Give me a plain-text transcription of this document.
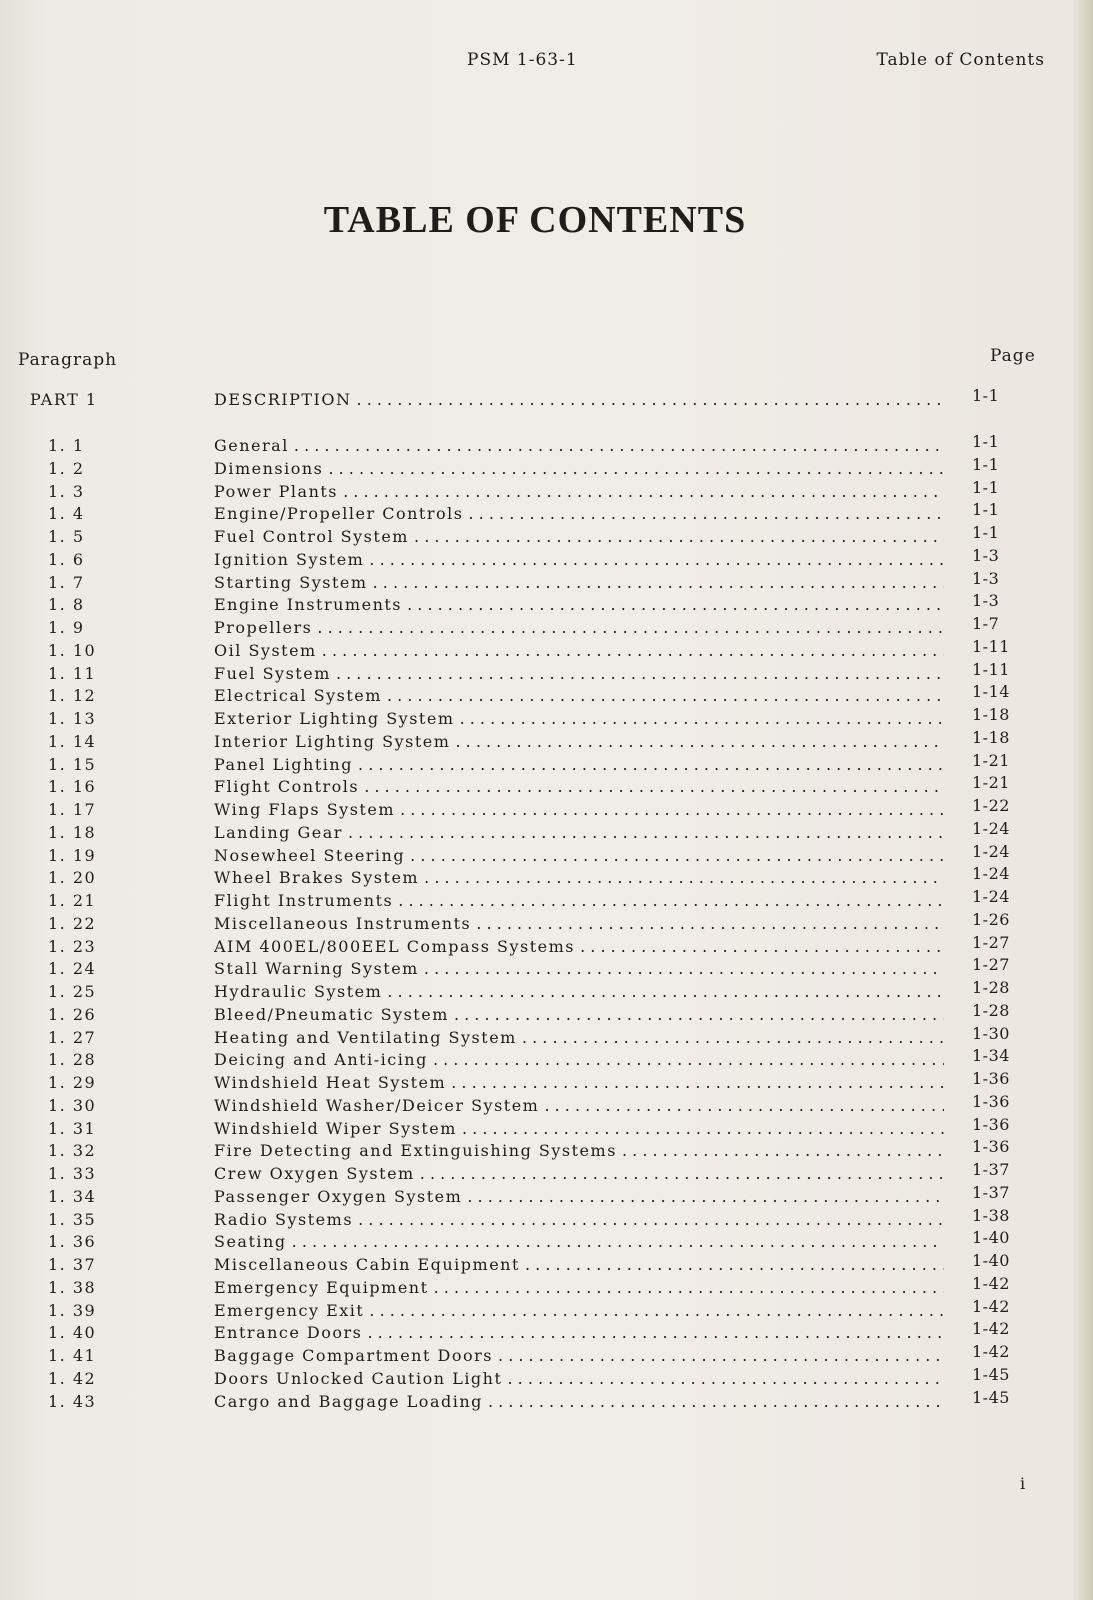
PSM 1-63-1	Table of Contents
TABLE OF CONTENTS
Paragraph	Page
PART 1	DESCRIPTION . . .	1-1
1. 1	General . . .	1-1
1. 2	Dimensions . . .	1-1
1. 3	Power Plants . . .	1-1
1. 4	Engine/Propeller Controls . . .	1-1
1. 5	Fuel Control System . . .	1-1
1. 6	Ignition System . . .	1-3
1. 7	Starting System . . .	1-3
1. 8	Engine Instruments . . .	1-3
1. 9	Propellers . . .	1-7
1. 10	Oil System . . .	1-11
1. 11	Fuel System . . .	1-11
1. 12	Electrical System . . .	1-14
1. 13	Exterior Lighting System . . .	1-18
1. 14	Interior Lighting System . . .	1-18
1. 15	Panel Lighting . . .	1-21
1. 16	Flight Controls . . .	1-21
1. 17	Wing Flaps System . . .	1-22
1. 18	Landing Gear . . .	1-24
1. 19	Nosewheel Steering . . .	1-24
1. 20	Wheel Brakes System . . .	1-24
1. 21	Flight Instruments . . .	1-24
1. 22	Miscellaneous Instruments . . .	1-26
1. 23	AIM 400EL/800EEL Compass Systems . . .	1-27
1. 24	Stall Warning System . . .	1-27
1. 25	Hydraulic System . . .	1-28
1. 26	Bleed/Pneumatic System . . .	1-28
1. 27	Heating and Ventilating System . . .	1-30
1. 28	Deicing and Anti-icing . . .	1-34
1. 29	Windshield Heat System . . .	1-36
1. 30	Windshield Washer/Deicer System . . .	1-36
1. 31	Windshield Wiper System . . .	1-36
1. 32	Fire Detecting and Extinguishing Systems . . .	1-36
1. 33	Crew Oxygen System . . .	1-37
1. 34	Passenger Oxygen System . . .	1-37
1. 35	Radio Systems . . .	1-38
1. 36	Seating . . .	1-40
1. 37	Miscellaneous Cabin Equipment . . .	1-40
1. 38	Emergency Equipment . . .	1-42
1. 39	Emergency Exit . . .	1-42
1. 40	Entrance Doors . . .	1-42
1. 41	Baggage Compartment Doors . . .	1-42
1. 42	Doors Unlocked Caution Light . . .	1-45
1. 43	Cargo and Baggage Loading . . .	1-45
i
